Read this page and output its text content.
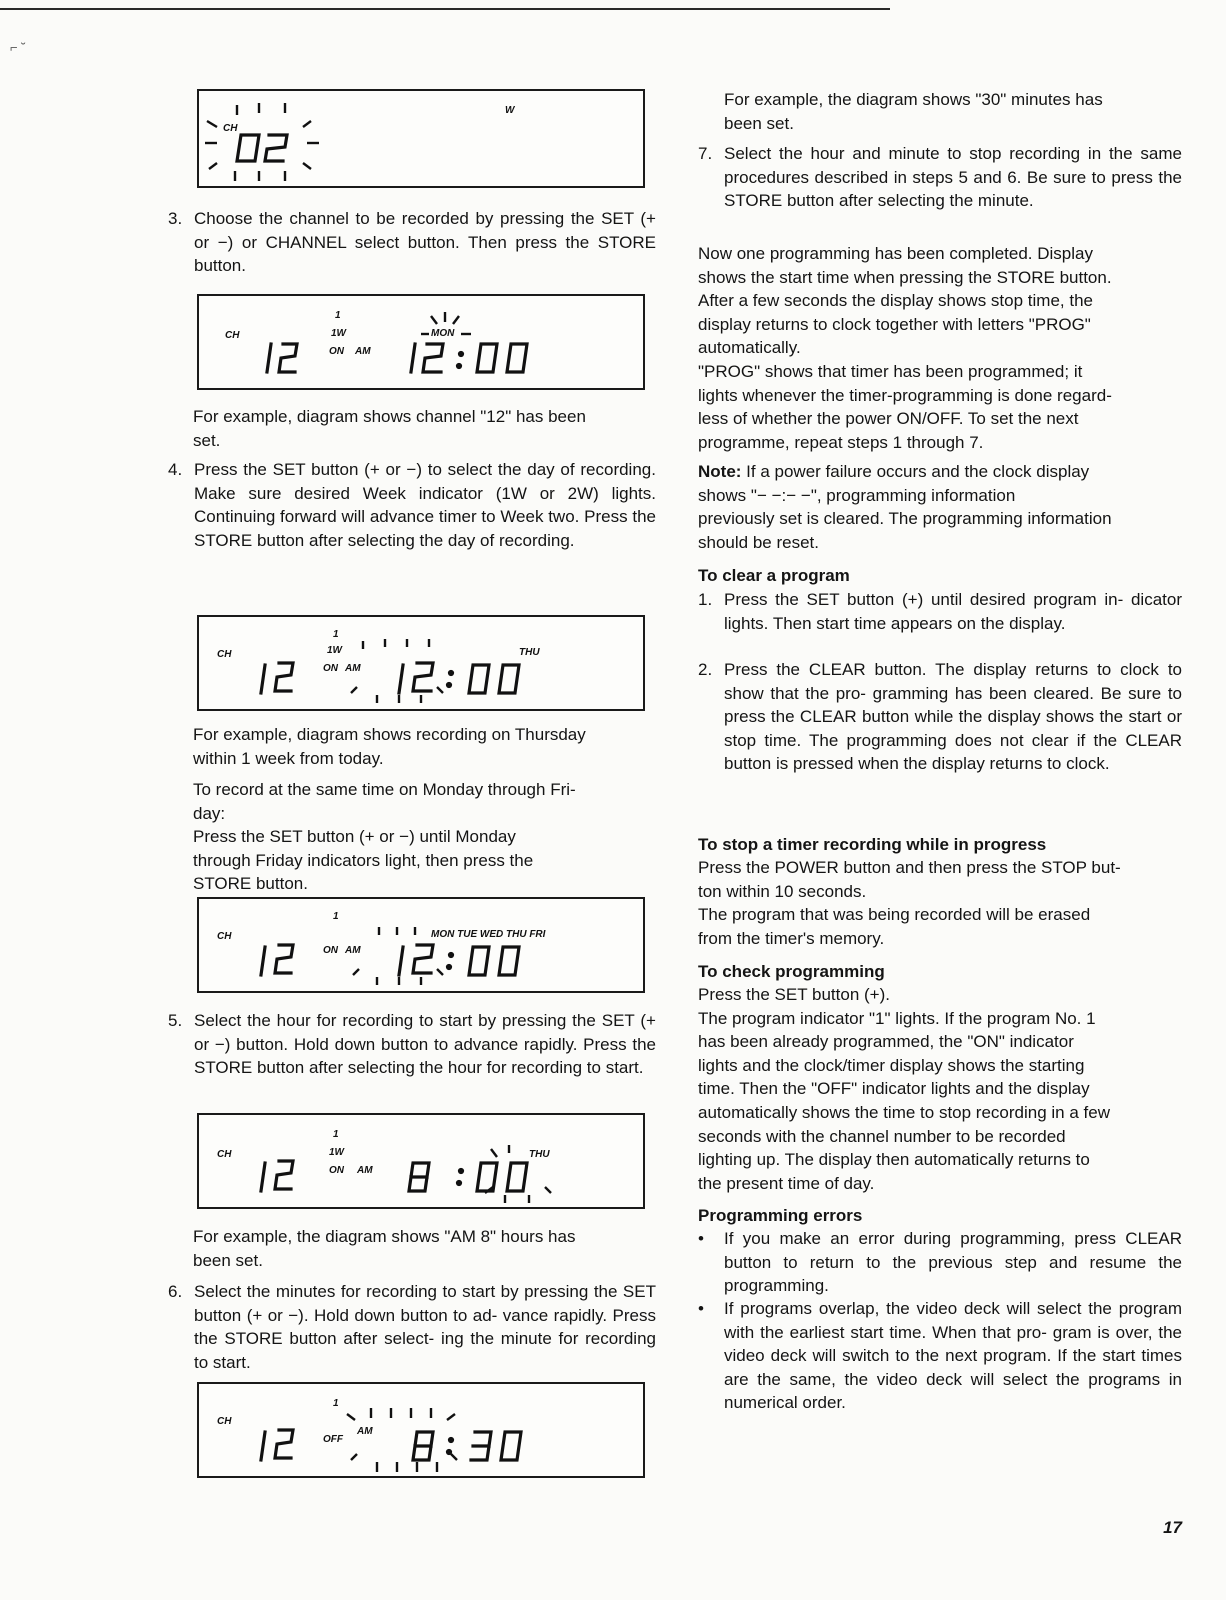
⌐ ˘
CH
W
3. Choose the channel to be recorded by pressing the SET (+ or −) or CHANNEL select button. Then press the STORE button.
CH
1
1W
ON AM
MON
For example, diagram shows channel "12" has been
set.
4. Press the SET button (+ or −) to select the day of recording. Make sure desired Week indicator (1W or 2W) lights. Continuing forward will advance timer to Week two. Press the STORE button after selecting the day of recording.
CH
1
1W
ON AM
THU
For example, diagram shows recording on Thursday
within 1 week from today.
To record at the same time on Monday through Fri-
day:
Press the SET button (+ or −) until Monday
through Friday indicators light, then press the
STORE button.
CH
1
ON AM
MON TUE WED THU FRI
5. Select the hour for recording to start by pressing the SET (+ or −) button. Hold down button to advance rapidly. Press the STORE button after selecting the hour for recording to start.
CH
1
1W
ON AM
THU
For example, the diagram shows "AM 8" hours has
been set.
6. Select the minutes for recording to start by pressing the SET button (+ or −). Hold down button to ad- vance rapidly. Press the STORE button after select- ing the minute for recording to start.
CH
1
OFF
AM
For example, the diagram shows "30" minutes has
been set.
7. Select the hour and minute to stop recording in the same procedures described in steps 5 and 6. Be sure to press the STORE button after selecting the minute.
Now one programming has been completed. Display
shows the start time when pressing the STORE button.
After a few seconds the display shows stop time, the
display returns to clock together with letters "PROG"
automatically.
"PROG" shows that timer has been programmed; it
lights whenever the timer-programming is done regard-
less of whether the power ON/OFF. To set the next
programme, repeat steps 1 through 7.
Note: If a power failure occurs and the clock display
shows "− −:− −", programming information
previously set is cleared. The programming information
should be reset.
To clear a program
1. Press the SET button (+) until desired program in- dicator lights. Then start time appears on the display.
2. Press the CLEAR button. The display returns to clock to show that the pro- gramming has been cleared. Be sure to press the CLEAR button while the display shows the start or stop time. The programming does not clear if the CLEAR button is pressed when the display returns to clock.
To stop a timer recording while in progress
Press the POWER button and then press the STOP but-
ton within 10 seconds.
The program that was being recorded will be erased
from the timer's memory.
To check programming
Press the SET button (+).
The program indicator "1" lights. If the program No. 1
has been already programmed, the "ON" indicator
lights and the clock/timer display shows the starting
time. Then the "OFF" indicator lights and the display
automatically shows the time to stop recording in a few
seconds with the channel number to be recorded
lighting up. The display then automatically returns to
the present time of day.
Programming errors
• If you make an error during programming, press CLEAR button to return to the previous step and resume the programming.
• If programs overlap, the video deck will select the program with the earliest start time. When that pro- gram is over, the video deck will switch to the next program. If the start times are the same, the video deck will select the programs in numerical order.
17
